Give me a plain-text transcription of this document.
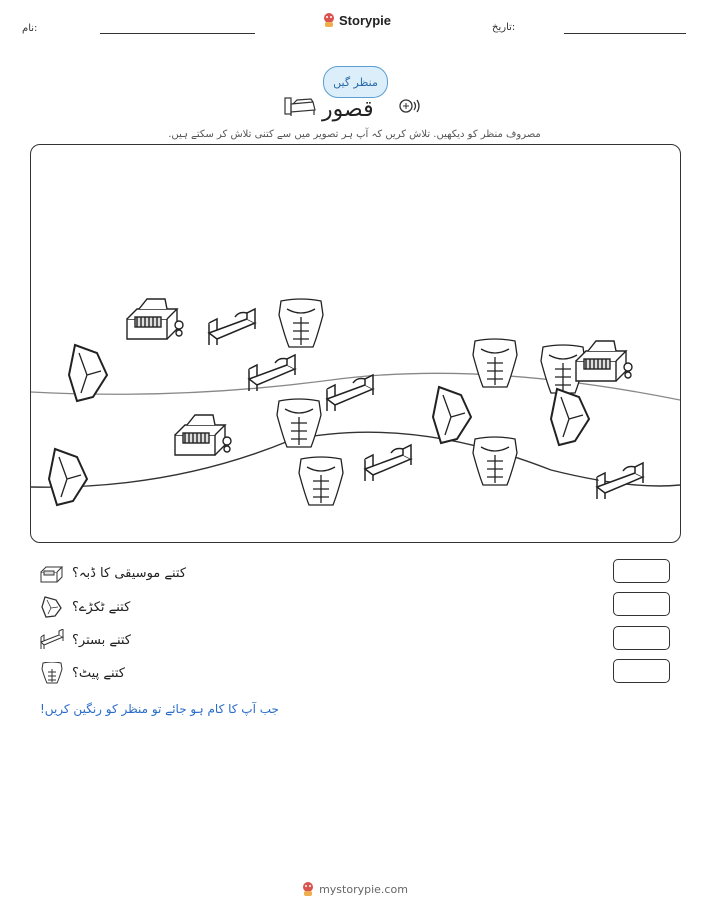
نام:
Storypie	تاریخ:
منظر گیں
قصور
مصروف منظر کو دیکھیں. تلاش کریں کہ آپ ہر تصویر میں سے کتنی تلاش کر سکتے ہیں.
کتنے موسیقی کا ڈبہ؟
کتنے ٹکڑے؟
کتنے بستر؟
کتنے پیٹ؟
جب آپ کا کام ہو جائے تو منظر کو رنگین کریں!
mystorypie.com
